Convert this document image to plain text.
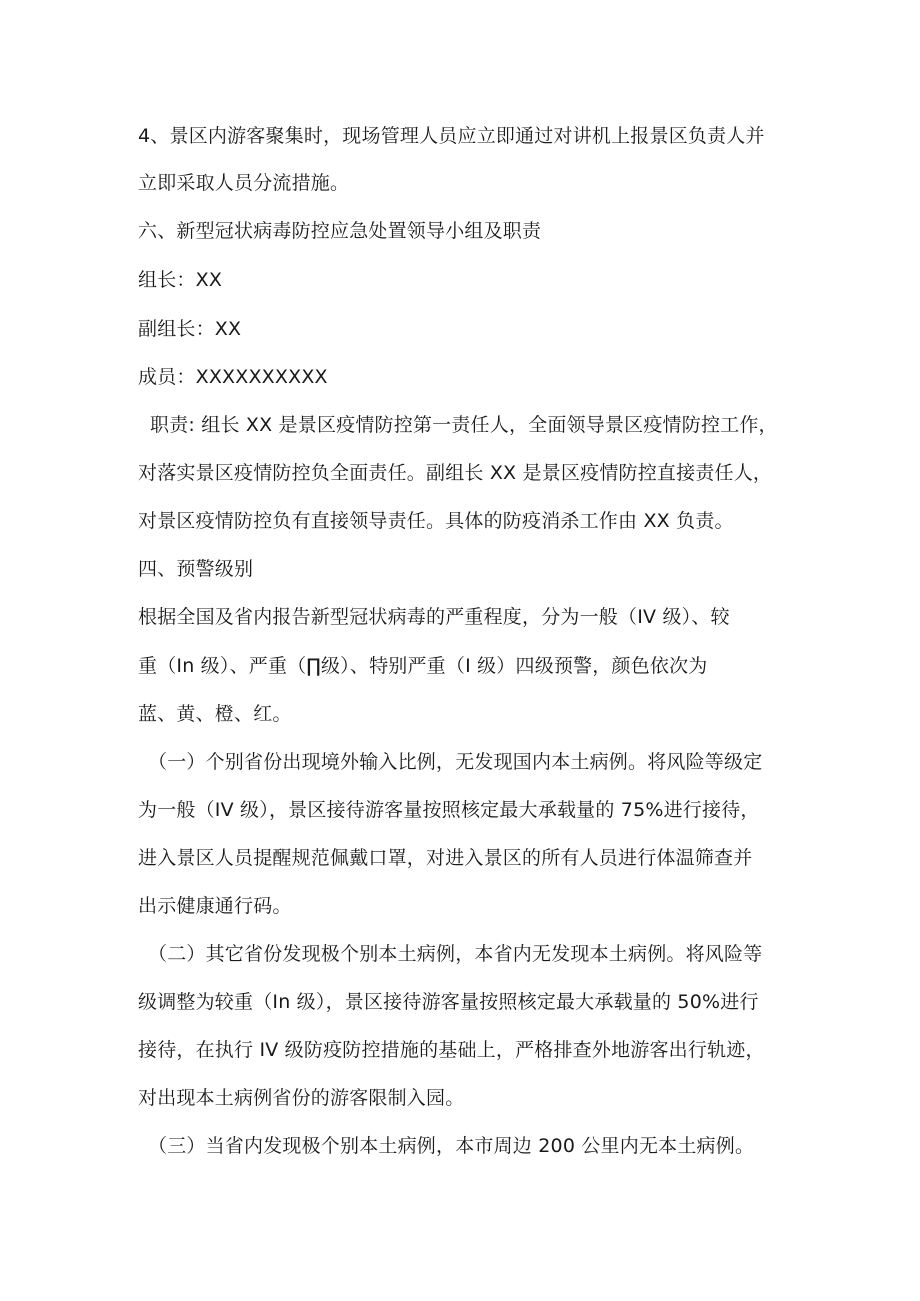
4、景区内游客聚集时，现场管理人员应立即通过对讲机上报景区负责人并
立即采取人员分流措施。
六、新型冠状病毒防控应急处置领导小组及职责
组长：XX
副组长：XX
成员：XXXXXXXXXX
职责: 组长 XX 是景区疫情防控第一责任人，全面领导景区疫情防控工作，
对落实景区疫情防控负全面责任。副组长 XX 是景区疫情防控直接责任人，
对景区疫情防控负有直接领导责任。具体的防疫消杀工作由 XX 负责。
四、预警级别
根据全国及省内报告新型冠状病毒的严重程度，分为一般（IV 级）、较
重（In 级）、严重（∏级）、特别严重（I 级）四级预警，颜色依次为
蓝、黄、橙、红。
（一）个别省份出现境外输入比例，无发现国内本土病例。将风险等级定
为一般（IV 级），景区接待游客量按照核定最大承载量的 75%进行接待，
进入景区人员提醒规范佩戴口罩，对进入景区的所有人员进行体温筛查并
出示健康通行码。
（二）其它省份发现极个别本土病例，本省内无发现本土病例。将风险等
级调整为较重（In 级），景区接待游客量按照核定最大承载量的 50%进行
接待，在执行 IV 级防疫防控措施的基础上，严格排查外地游客出行轨迹，
对出现本土病例省份的游客限制入园。
（三）当省内发现极个别本土病例，本市周边 200 公里内无本土病例。
